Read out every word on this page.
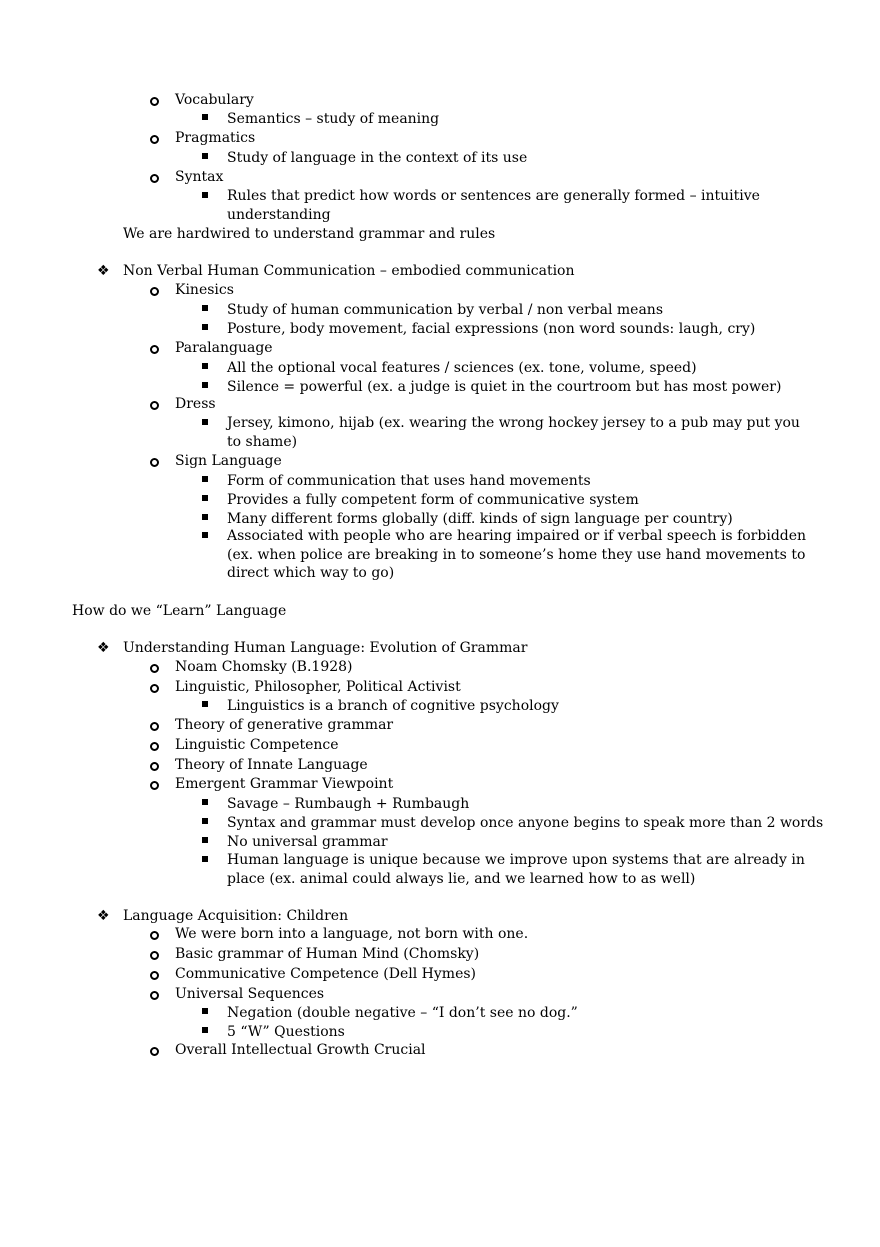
Vocabulary
Semantics – study of meaning
Pragmatics
Study of language in the context of its use
Syntax
Rules that predict how words or sentences are generally formed – intuitive understanding
We are hardwired to understand grammar and rules
❖ Non Verbal Human Communication – embodied communication
Kinesics
Study of human communication by verbal / non verbal means
Posture, body movement, facial expressions (non word sounds: laugh, cry)
Paralanguage
All the optional vocal features / sciences (ex. tone, volume, speed)
Silence = powerful (ex. a judge is quiet in the courtroom but has most power)
Dress
Jersey, kimono, hijab (ex. wearing the wrong hockey jersey to a pub may put you to shame)
Sign Language
Form of communication that uses hand movements
Provides a fully competent form of communicative system
Many different forms globally (diff. kinds of sign language per country)
Associated with people who are hearing impaired or if verbal speech is forbidden (ex. when police are breaking in to someone’s home they use hand movements to direct which way to go)
How do we “Learn” Language
❖ Understanding Human Language: Evolution of Grammar
Noam Chomsky (B.1928)
Linguistic, Philosopher, Political Activist
Linguistics is a branch of cognitive psychology
Theory of generative grammar
Linguistic Competence
Theory of Innate Language
Emergent Grammar Viewpoint
Savage – Rumbaugh + Rumbaugh
Syntax and grammar must develop once anyone begins to speak more than 2 words
No universal grammar
Human language is unique because we improve upon systems that are already in place (ex. animal could always lie, and we learned how to as well)
❖ Language Acquisition: Children
We were born into a language, not born with one.
Basic grammar of Human Mind (Chomsky)
Communicative Competence (Dell Hymes)
Universal Sequences
Negation (double negative – “I don’t see no dog.”
5 “W” Questions
Overall Intellectual Growth Crucial
